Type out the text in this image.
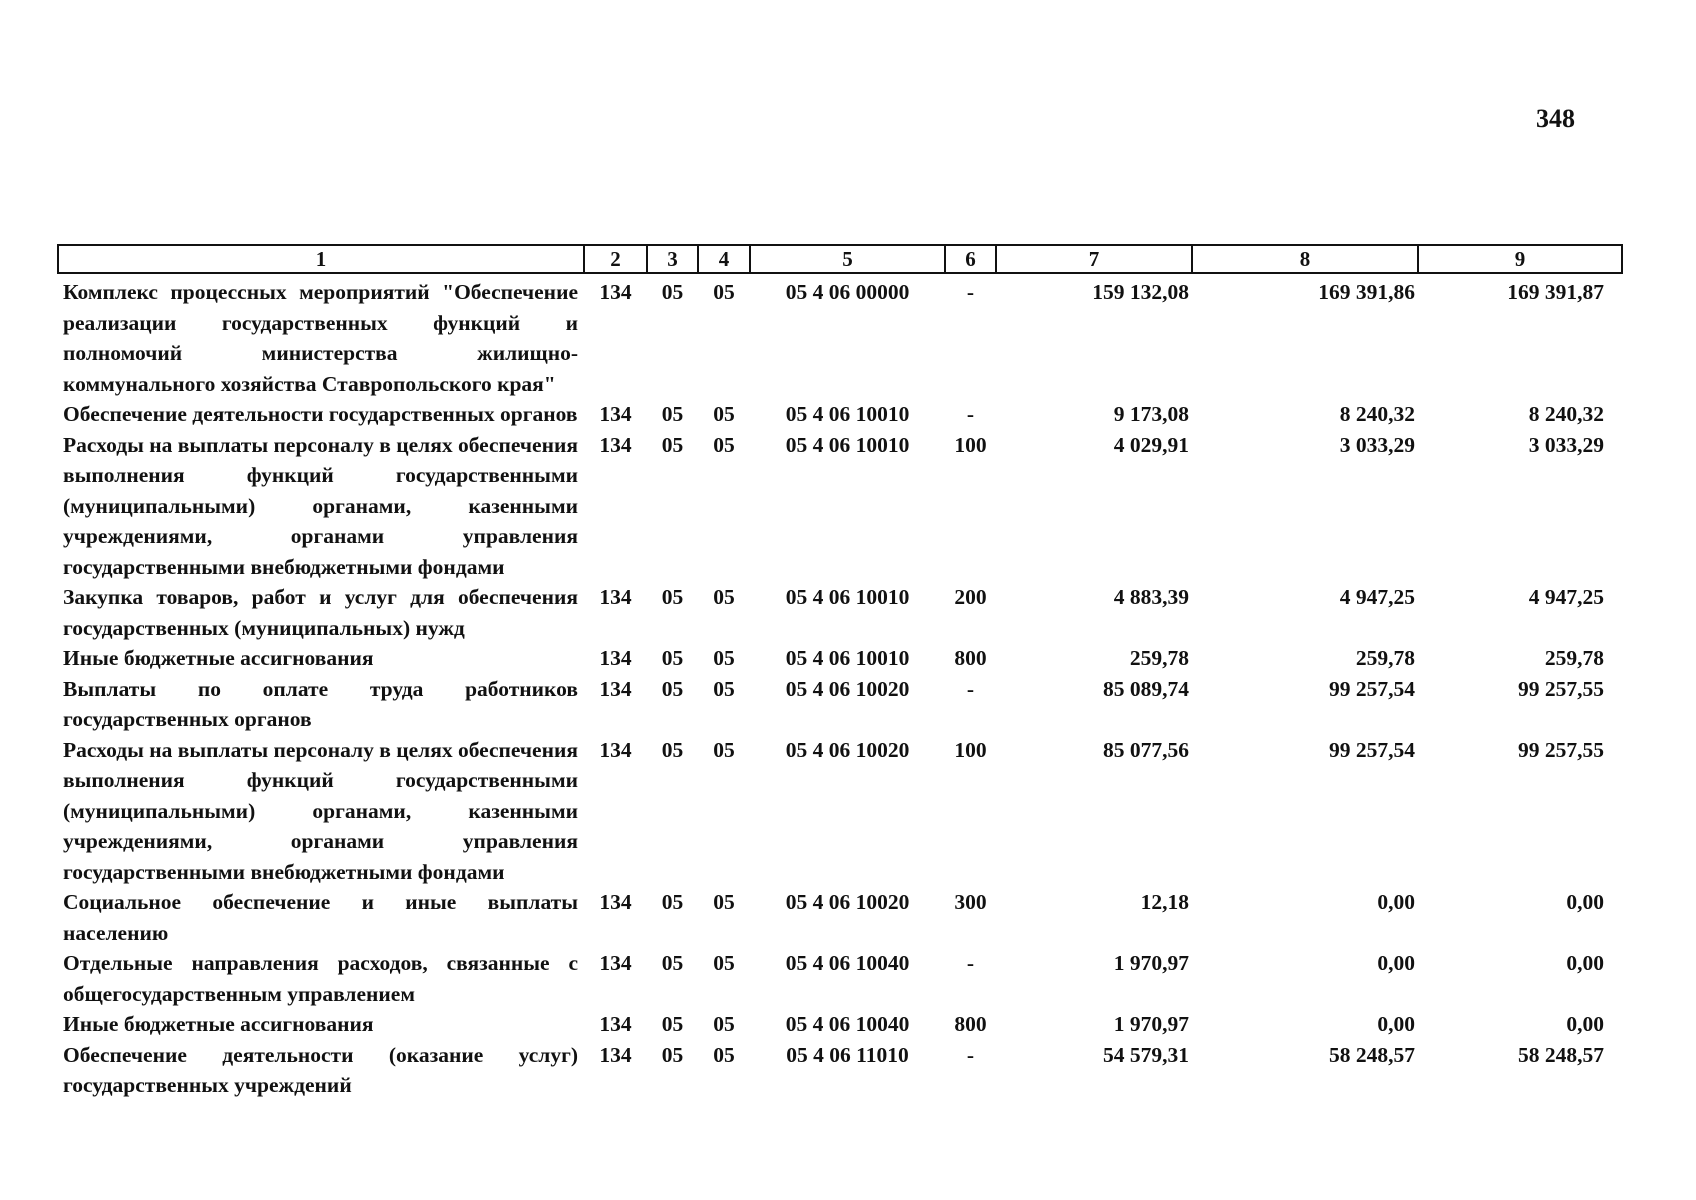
348
1	2	3	4	5	6	7	8	9
Комплекс процессных мероприятий "Обеспечение реализации государственных функций и полномочий министерства жилищно-коммунального хозяйства Ставропольского края"	134	05	05	05 4 06 00000	-	159 132,08	169 391,86	169 391,87
Обеспечение деятельности государственных органов	134	05	05	05 4 06 10010	-	9 173,08	8 240,32	8 240,32
Расходы на выплаты персоналу в целях обеспечения выполнения функций государственными (муниципальными) органами, казенными учреждениями, органами управления государственными внебюджетными фондами	134	05	05	05 4 06 10010	100	4 029,91	3 033,29	3 033,29
Закупка товаров, работ и услуг для обеспечения государственных (муниципальных) нужд	134	05	05	05 4 06 10010	200	4 883,39	4 947,25	4 947,25
Иные бюджетные ассигнования	134	05	05	05 4 06 10010	800	259,78	259,78	259,78
Выплаты по оплате труда работников государственных органов	134	05	05	05 4 06 10020	-	85 089,74	99 257,54	99 257,55
Расходы на выплаты персоналу в целях обеспечения выполнения функций государственными (муниципальными) органами, казенными учреждениями, органами управления государственными внебюджетными фондами	134	05	05	05 4 06 10020	100	85 077,56	99 257,54	99 257,55
Социальное обеспечение и иные выплаты населению	134	05	05	05 4 06 10020	300	12,18	0,00	0,00
Отдельные направления расходов, связанные с общегосударственным управлением	134	05	05	05 4 06 10040	-	1 970,97	0,00	0,00
Иные бюджетные ассигнования	134	05	05	05 4 06 10040	800	1 970,97	0,00	0,00
Обеспечение деятельности (оказание услуг) государственных учреждений	134	05	05	05 4 06 11010	-	54 579,31	58 248,57	58 248,57
